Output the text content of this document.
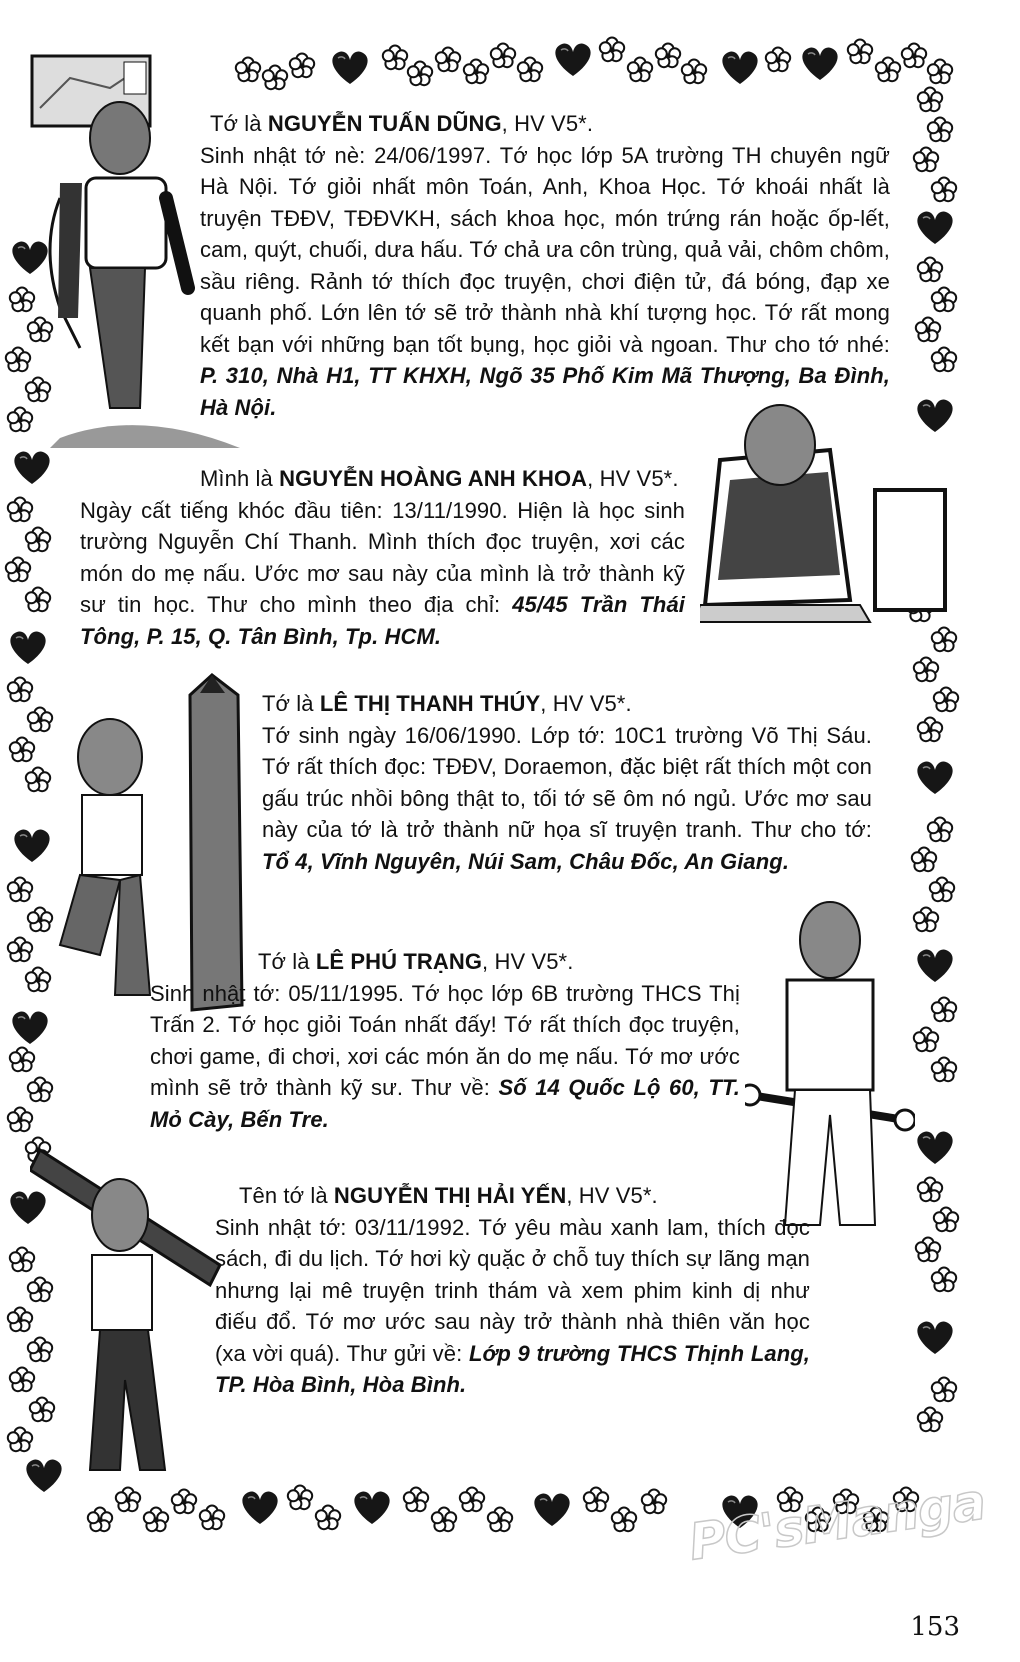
Tớ là NGUYỄN TUẤN DŨNG, HV V5*.

Sinh nhật tớ nè: 24/06/1997. Tớ học lớp 5A trường TH chuyên ngữ Hà Nội. Tớ giỏi nhất môn Toán, Anh, Khoa Học. Tớ khoái nhất là truyện TĐĐV, TĐĐVKH, sách khoa học, món trứng rán hoặc ốp-lết, cam, quýt, chuối, dưa hấu. Tớ chả ưa côn trùng, quả vải, chôm chôm, sầu riêng. Rảnh tớ thích đọc truyện, chơi điện tử, đá bóng, đạp xe quanh phố. Lớn lên tớ sẽ trở thành nhà khí tượng học. Tớ rất mong kết bạn với những bạn tốt bụng, học giỏi và ngoan. Thư cho tớ nhé: P. 310, Nhà H1, TT KHXH, Ngõ 35 Phố Kim Mã Thượng, Ba Đình, Hà Nội.

Mình là NGUYỄN HOÀNG ANH KHOA, HV V5*.

Ngày cất tiếng khóc đầu tiên: 13/11/1990. Hiện là học sinh trường Nguyễn Chí Thanh. Mình thích đọc truyện, xơi các món do mẹ nấu. Ước mơ sau này của mình là trở thành kỹ sư tin học. Thư cho mình theo địa chỉ: 45/45 Trần Thái Tông, P. 15, Q. Tân Bình, Tp. HCM.

Tớ là LÊ THỊ THANH THÚY, HV V5*.

Tớ sinh ngày 16/06/1990. Lớp tớ: 10C1 trường Võ Thị Sáu. Tớ rất thích đọc: TĐĐV, Doraemon, đặc biệt rất thích một con gấu trúc nhồi bông thật to, tối tớ sẽ ôm nó ngủ. Ước mơ sau này của tớ là trở thành nữ họa sĩ truyện tranh. Thư cho tớ: Tổ 4, Vĩnh Nguyên, Núi Sam, Châu Đốc, An Giang.

Tớ là LÊ PHÚ TRẠNG, HV V5*.

Sinh nhật tớ: 05/11/1995. Tớ học lớp 6B trường THCS Thị Trấn 2. Tớ học giỏi Toán nhất đấy! Tớ rất thích đọc truyện, chơi game, đi chơi, xơi các món ăn do mẹ nấu. Tớ mơ ước mình sẽ trở thành kỹ sư. Thư về: Số 14 Quốc Lộ 60, TT. Mỏ Cày, Bến Tre.

Tên tớ là NGUYỄN THỊ HẢI YẾN, HV V5*.

Sinh nhật tớ: 03/11/1992. Tớ yêu màu xanh lam, thích đọc sách, đi du lịch. Tớ hơi kỳ quặc ở chỗ tuy thích sự lãng mạn nhưng lại mê truyện trinh thám và xem phim kinh dị như điếu đổ. Tớ mơ ước sau này trở thành nhà thiên văn học (xa vời quá). Thư gửi về: Lớp 9 trường THCS Thịnh Lang, TP. Hòa Bình, Hòa Bình.

PC'sManga
153
